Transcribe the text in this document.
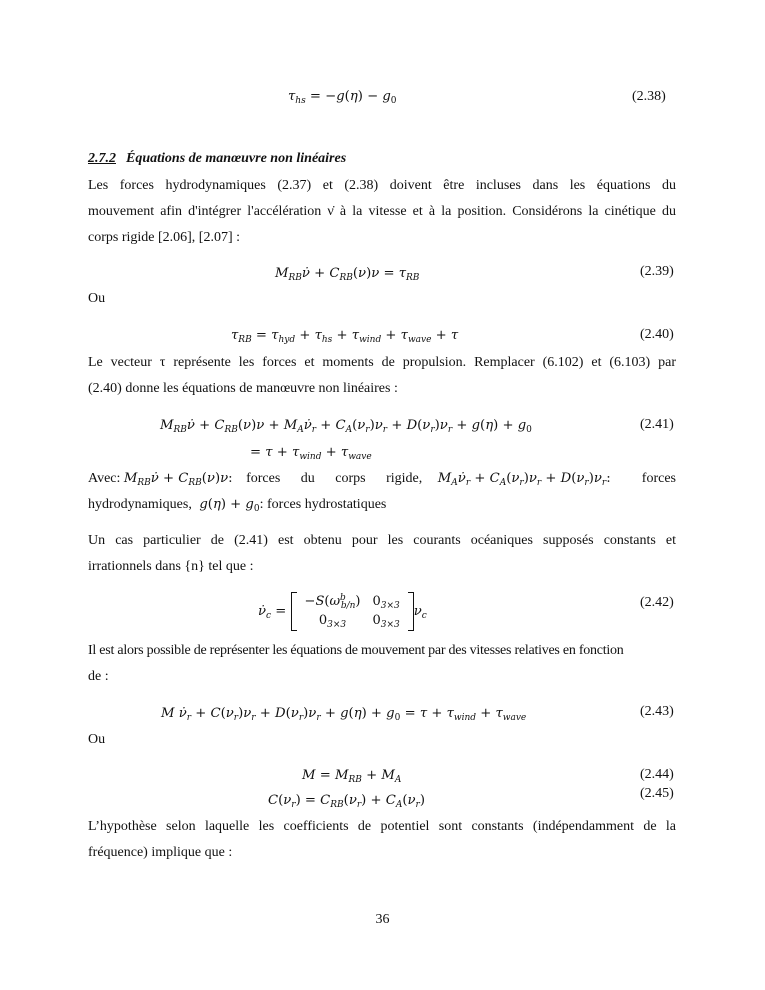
$\tau_{hs} = -g(\eta) - g_0$	(2.38)
2.7.2 Équations de manœuvre non linéaires
Les forces hydrodynamiques (2.37) et (2.38) doivent être incluses dans les équations du
mouvement afin d'intégrer l'accélération ν̇ à la vitesse et à la position. Considérons la cinétique du
corps rigide [2.06], [2.07] :
$M_{RB}\nu̇ + C_{RB}(\nu)\nu = \tau_{RB}$	(2.39)
Ou
$\tau_{RB} = \tau_{hyd} + \tau_{hs} + \tau_{wind} + \tau_{wave} + \tau$	(2.40)
Le vecteur τ représente les forces et moments de propulsion. Remplacer (6.102) et (6.103) par
(2.40) donne les équations de manœuvre non linéaires :
$M_{RB}\nu̇ + C_{RB}(\nu)\nu$ + $M_A\nu̇_r + C_A(\nu_r)\nu_r + D(\nu_r)\nu_r + g(\eta) + g_0$	(2.41)
= $\tau + \tau_{wind} + \tau_{wave}$
Avec: $M_{RB}\nu̇ + C_{RB}(\nu)\nu$: forces du corps rigide, $M_A\nu̇_r + C_A(\nu_r)\nu_r + D(\nu_r)\nu_r$: forces
hydrodynamiques, $g(\eta) + g_0$: forces hydrostatiques
Un cas particulier de (2.41) est obtenu pour les courants océaniques supposés constants et
irrationnels dans {n} tel que :
$\nu̇_c$ =
$-S(\omega^b_{b/n})$	$0_{3\times 3}$
$0_{3\times 3}$	$0_{3\times 3}$
$\nu_c$
(2.42)
Il est alors possible de représenter les équations de mouvement par des vitesses relatives en fonction
de :
M $\nu̇_r + C(\nu_r)\nu_r + D(\nu_r)\nu_r + g(\eta) + g_0 = \tau + \tau_{wind} + \tau_{wave}$	(2.43)
Ou
$M = M_{RB} + M_A$	(2.44)
$C(\nu_r) = C_{RB}(\nu_r) + C_A(\nu_r)$	(2.45)
L’hypothèse selon laquelle les coefficients de potentiel sont constants (indépendamment de la
fréquence) implique que :
36
